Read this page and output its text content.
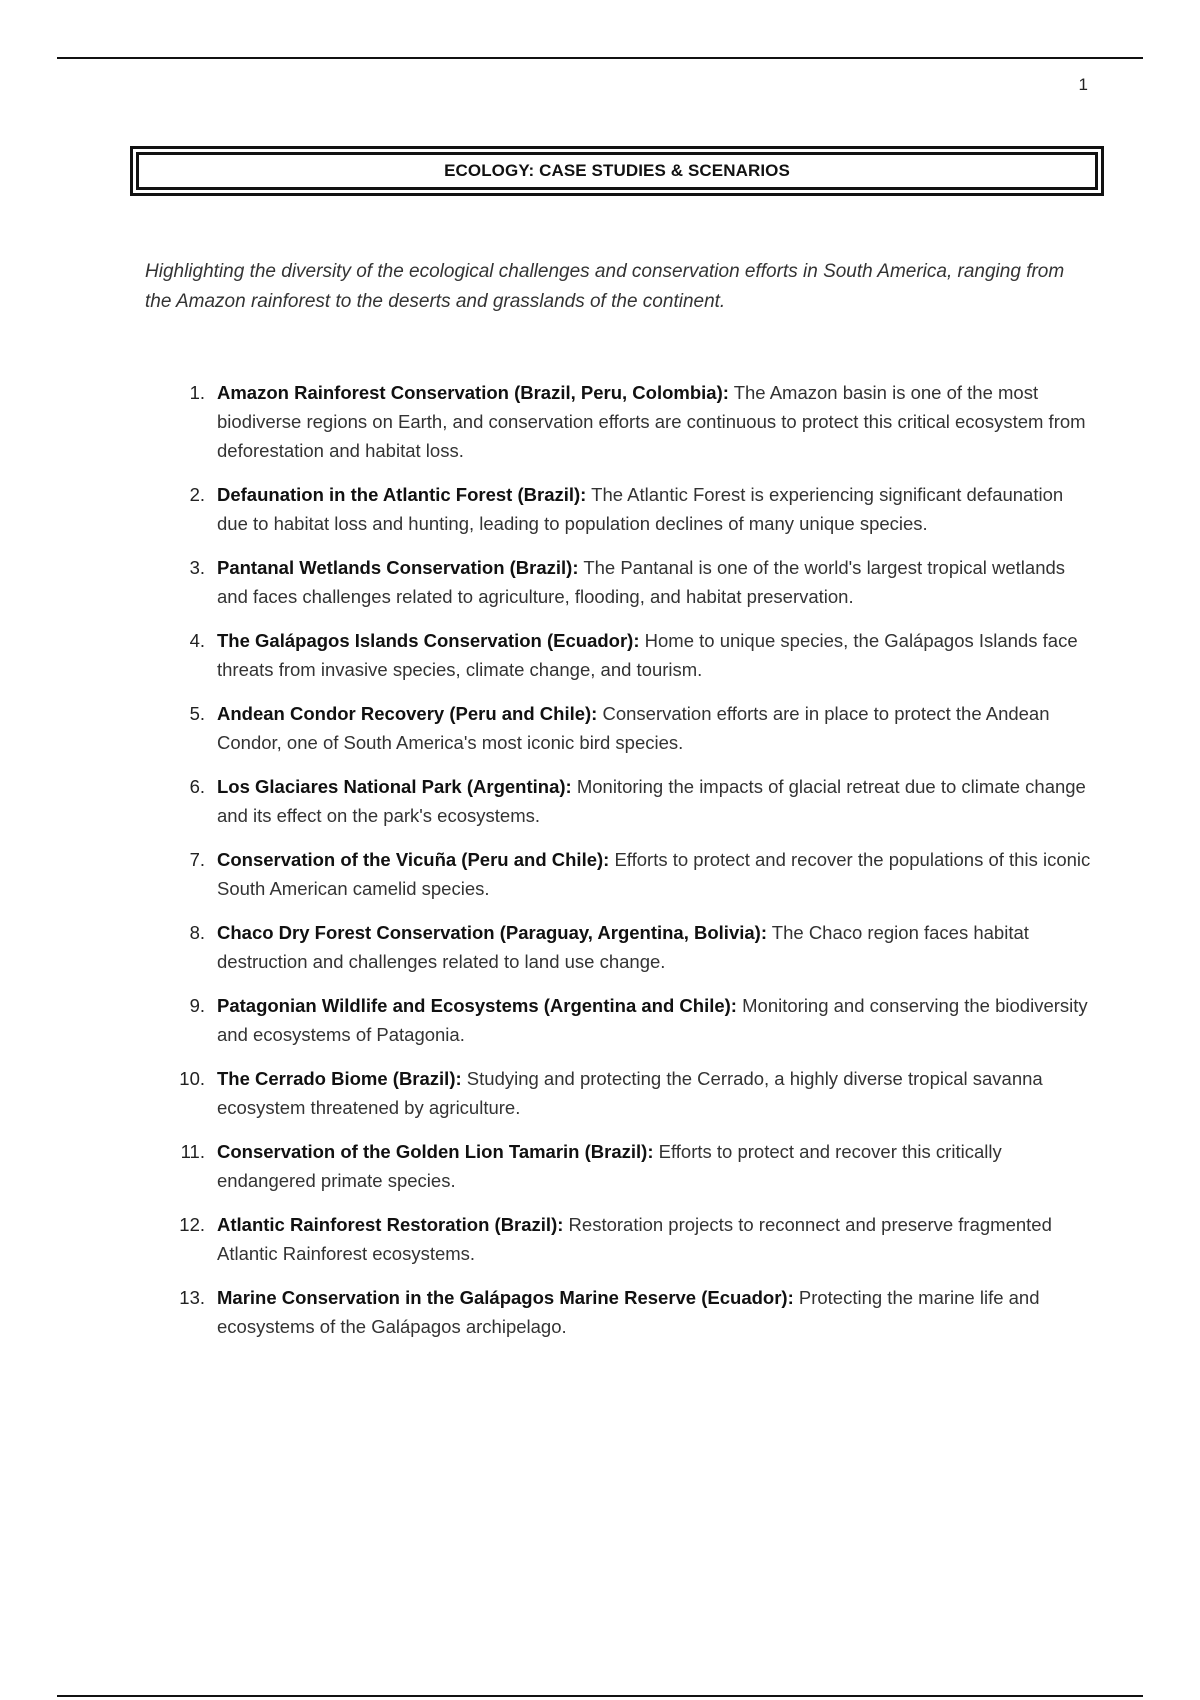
1
ECOLOGY: CASE STUDIES & SCENARIOS

Highlighting the diversity of the ecological challenges and conservation efforts in South America, ranging from the Amazon rainforest to the deserts and grasslands of the continent.

1. Amazon Rainforest Conservation (Brazil, Peru, Colombia): The Amazon basin is one of the most biodiverse regions on Earth, and conservation efforts are continuous to protect this critical ecosystem from deforestation and habitat loss.
2. Defaunation in the Atlantic Forest (Brazil): The Atlantic Forest is experiencing significant defaunation due to habitat loss and hunting, leading to population declines of many unique species.
3. Pantanal Wetlands Conservation (Brazil): The Pantanal is one of the world's largest tropical wetlands and faces challenges related to agriculture, flooding, and habitat preservation.
4. The Galápagos Islands Conservation (Ecuador): Home to unique species, the Galápagos Islands face threats from invasive species, climate change, and tourism.
5. Andean Condor Recovery (Peru and Chile): Conservation efforts are in place to protect the Andean Condor, one of South America's most iconic bird species.
6. Los Glaciares National Park (Argentina): Monitoring the impacts of glacial retreat due to climate change and its effect on the park's ecosystems.
7. Conservation of the Vicuña (Peru and Chile): Efforts to protect and recover the populations of this iconic South American camelid species.
8. Chaco Dry Forest Conservation (Paraguay, Argentina, Bolivia): The Chaco region faces habitat destruction and challenges related to land use change.
9. Patagonian Wildlife and Ecosystems (Argentina and Chile): Monitoring and conserving the biodiversity and ecosystems of Patagonia.
10. The Cerrado Biome (Brazil): Studying and protecting the Cerrado, a highly diverse tropical savanna ecosystem threatened by agriculture.
11. Conservation of the Golden Lion Tamarin (Brazil): Efforts to protect and recover this critically endangered primate species.
12. Atlantic Rainforest Restoration (Brazil): Restoration projects to reconnect and preserve fragmented Atlantic Rainforest ecosystems.
13. Marine Conservation in the Galápagos Marine Reserve (Ecuador): Protecting the marine life and ecosystems of the Galápagos archipelago.
